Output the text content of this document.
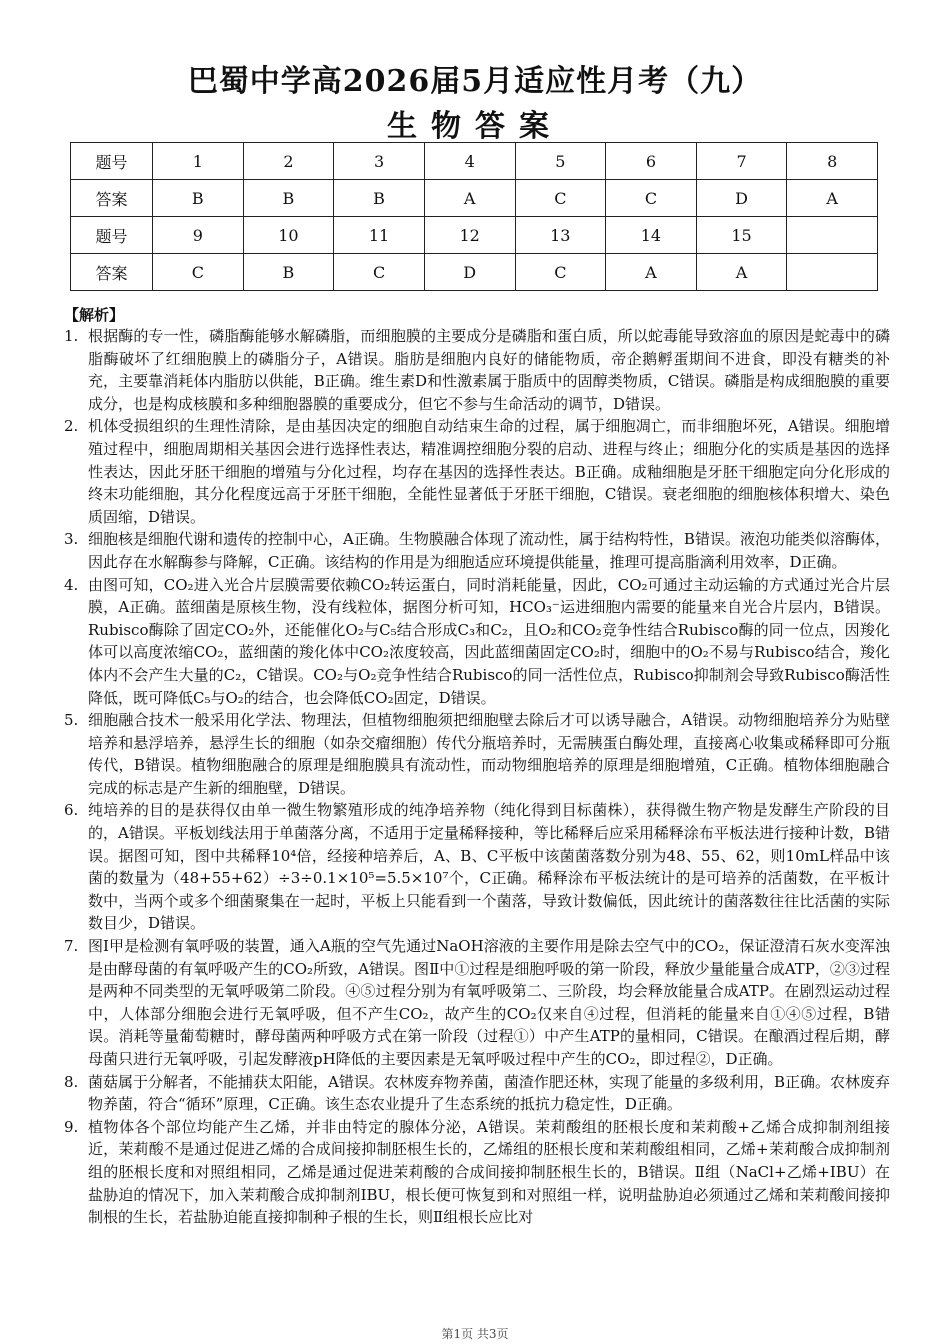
巴蜀中学高2026届5月适应性月考（九）
生物答案
题号	1	2	3	4	5	6	7	8
答案	B	B	B	A	C	C	D	A
题号	9	10	11	12	13	14	15	
答案	C	B	C	D	C	A	A	
【解析】
1. 根据酶的专一性，磷脂酶能够水解磷脂，而细胞膜的主要成分是磷脂和蛋白质，所以蛇毒能导致溶血的原因是蛇毒中的磷脂酶破坏了红细胞膜上的磷脂分子，A错误。脂肪是细胞内良好的储能物质，帝企鹅孵蛋期间不进食，即没有糖类的补充，主要靠消耗体内脂肪以供能，B正确。维生素D和性激素属于脂质中的固醇类物质，C错误。磷脂是构成细胞膜的重要成分，也是构成核膜和多种细胞器膜的重要成分，但它不参与生命活动的调节，D错误。
2. 机体受损组织的生理性清除，是由基因决定的细胞自动结束生命的过程，属于细胞凋亡，而非细胞坏死，A错误。细胞增殖过程中，细胞周期相关基因会进行选择性表达，精准调控细胞分裂的启动、进程与终止；细胞分化的实质是基因的选择性表达，因此牙胚干细胞的增殖与分化过程，均存在基因的选择性表达。B正确。成釉细胞是牙胚干细胞定向分化形成的终末功能细胞，其分化程度远高于牙胚干细胞，全能性显著低于牙胚干细胞，C错误。衰老细胞的细胞核体积增大、染色质固缩，D错误。
3. 细胞核是细胞代谢和遗传的控制中心，A正确。生物膜融合体现了流动性，属于结构特性，B错误。液泡功能类似溶酶体，因此存在水解酶参与降解，C正确。该结构的作用是为细胞适应环境提供能量，推理可提高脂滴利用效率，D正确。
4. 由图可知，CO₂进入光合片层膜需要依赖CO₂转运蛋白，同时消耗能量，因此，CO₂可通过主动运输的方式通过光合片层膜，A正确。蓝细菌是原核生物，没有线粒体，据图分析可知，HCO₃⁻运进细胞内需要的能量来自光合片层内，B错误。Rubisco酶除了固定CO₂外，还能催化O₂与C₅结合形成C₃和C₂，且O₂和CO₂竞争性结合Rubisco酶的同一位点，因羧化体可以高度浓缩CO₂，蓝细菌的羧化体中CO₂浓度较高，因此蓝细菌固定CO₂时，细胞中的O₂不易与Rubisco结合，羧化体内不会产生大量的C₂，C错误。CO₂与O₂竞争性结合Rubisco的同一活性位点，Rubisco抑制剂会导致Rubisco酶活性降低，既可降低C₅与O₂的结合，也会降低CO₂固定，D错误。
5. 细胞融合技术一般采用化学法、物理法，但植物细胞须把细胞壁去除后才可以诱导融合，A错误。动物细胞培养分为贴壁培养和悬浮培养，悬浮生长的细胞（如杂交瘤细胞）传代分瓶培养时，无需胰蛋白酶处理，直接离心收集或稀释即可分瓶传代，B错误。植物细胞融合的原理是细胞膜具有流动性，而动物细胞培养的原理是细胞增殖，C正确。植物体细胞融合完成的标志是产生新的细胞壁，D错误。
6. 纯培养的目的是获得仅由单一微生物繁殖形成的纯净培养物（纯化得到目标菌株），获得微生物产物是发酵生产阶段的目的，A错误。平板划线法用于单菌落分离，不适用于定量稀释接种，等比稀释后应采用稀释涂布平板法进行接种计数，B错误。据图可知，图中共稀释10⁴倍，经接种培养后，A、B、C平板中该菌菌落数分别为48、55、62，则10mL样品中该菌的数量为（48+55+62）÷3÷0.1×10⁵=5.5×10⁷个，C正确。稀释涂布平板法统计的是可培养的活菌数，在平板计数中，当两个或多个细菌聚集在一起时，平板上只能看到一个菌落，导致计数偏低，因此统计的菌落数往往比活菌的实际数目少，D错误。
7. 图Ⅰ甲是检测有氧呼吸的装置，通入A瓶的空气先通过NaOH溶液的主要作用是除去空气中的CO₂，保证澄清石灰水变浑浊是由酵母菌的有氧呼吸产生的CO₂所致，A错误。图Ⅱ中①过程是细胞呼吸的第一阶段，释放少量能量合成ATP，②③过程是两种不同类型的无氧呼吸第二阶段。④⑤过程分别为有氧呼吸第二、三阶段，均会释放能量合成ATP。在剧烈运动过程中，人体部分细胞会进行无氧呼吸，但不产生CO₂，故产生的CO₂仅来自④过程，但消耗的能量来自①④⑤过程，B错误。消耗等量葡萄糖时，酵母菌两种呼吸方式在第一阶段（过程①）中产生ATP的量相同，C错误。在酿酒过程后期，酵母菌只进行无氧呼吸，引起发酵液pH降低的主要因素是无氧呼吸过程中产生的CO₂，即过程②，D正确。
8. 菌菇属于分解者，不能捕获太阳能，A错误。农林废弃物养菌，菌渣作肥还林，实现了能量的多级利用，B正确。农林废弃物养菌，符合“循环”原理，C正确。该生态农业提升了生态系统的抵抗力稳定性，D正确。
9. 植物体各个部位均能产生乙烯，并非由特定的腺体分泌，A错误。茉莉酸组的胚根长度和茉莉酸+乙烯合成抑制剂组接近，茉莉酸不是通过促进乙烯的合成间接抑制胚根生长的，乙烯组的胚根长度和茉莉酸组相同，乙烯+茉莉酸合成抑制剂组的胚根长度和对照组相同，乙烯是通过促进茉莉酸的合成间接抑制胚根生长的，B错误。Ⅱ组（NaCl+乙烯+IBU）在盐胁迫的情况下，加入茉莉酸合成抑制剂IBU，根长便可恢复到和对照组一样，说明盐胁迫必须通过乙烯和茉莉酸间接抑制根的生长，若盐胁迫能直接抑制种子根的生长，则Ⅱ组根长应比对
第1页 共3页
